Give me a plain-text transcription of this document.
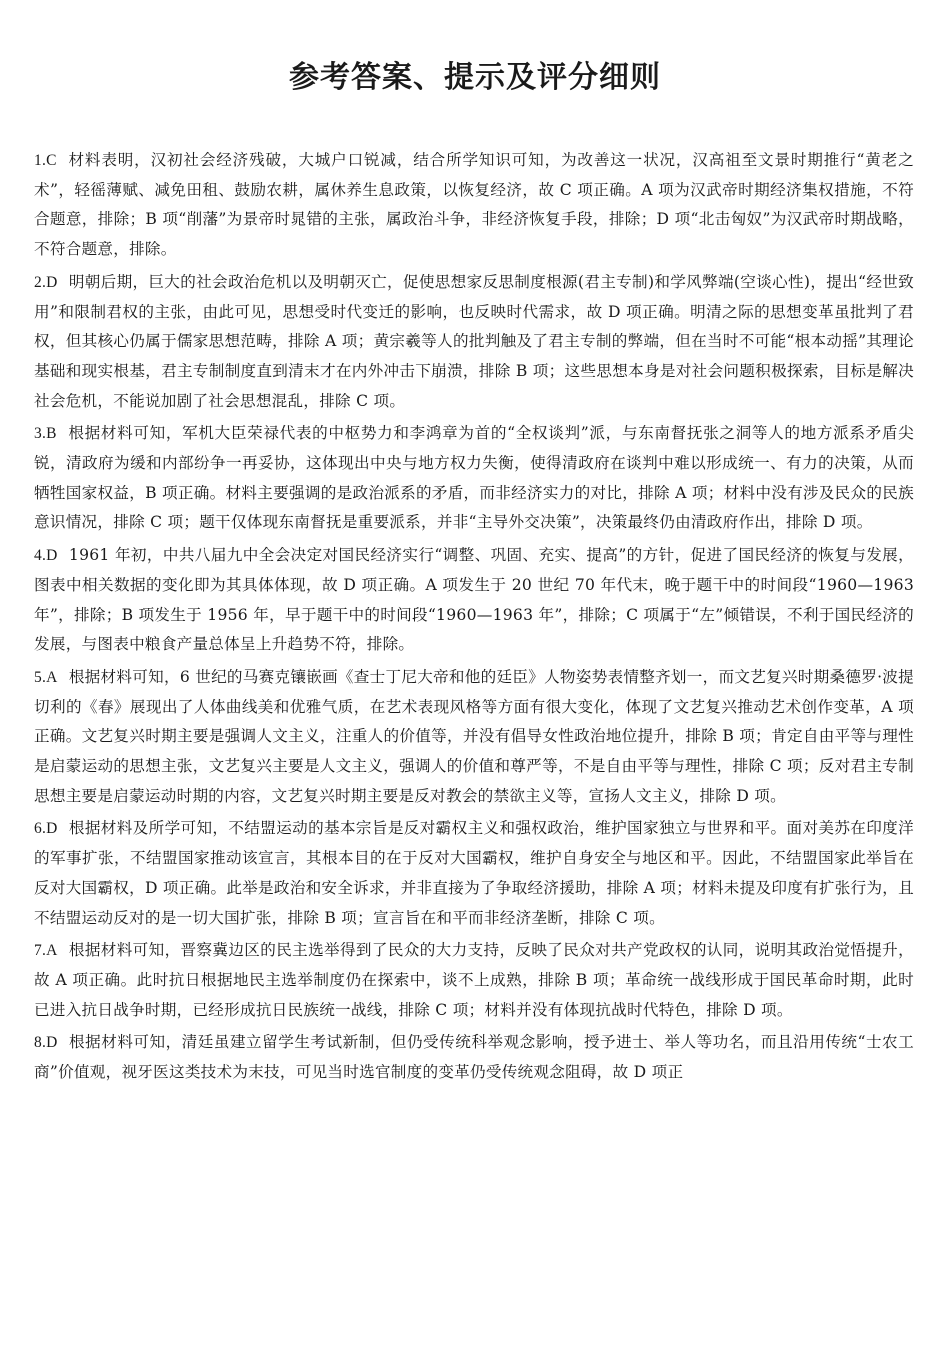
参考答案、提示及评分细则
1.C 材料表明，汉初社会经济残破，大城户口锐减，结合所学知识可知，为改善这一状况，汉高祖至文景时期推行“黄老之术”，轻徭薄赋、减免田租、鼓励农耕，属休养生息政策，以恢复经济，故 C 项正确。A 项为汉武帝时期经济集权措施，不符合题意，排除；B 项“削藩”为景帝时晁错的主张，属政治斗争，非经济恢复手段，排除；D 项“北击匈奴”为汉武帝时期战略，不符合题意，排除。
2.D 明朝后期，巨大的社会政治危机以及明朝灭亡，促使思想家反思制度根源(君主专制)和学风弊端(空谈心性)，提出“经世致用”和限制君权的主张，由此可见，思想受时代变迁的影响，也反映时代需求，故 D 项正确。明清之际的思想变革虽批判了君权，但其核心仍属于儒家思想范畴，排除 A 项；黄宗羲等人的批判触及了君主专制的弊端，但在当时不可能“根本动摇”其理论基础和现实根基，君主专制制度直到清末才在内外冲击下崩溃，排除 B 项；这些思想本身是对社会问题积极探索，目标是解决社会危机，不能说加剧了社会思想混乱，排除 C 项。
3.B 根据材料可知，军机大臣荣禄代表的中枢势力和李鸿章为首的“全权谈判”派，与东南督抚张之洞等人的地方派系矛盾尖锐，清政府为缓和内部纷争一再妥协，这体现出中央与地方权力失衡，使得清政府在谈判中难以形成统一、有力的决策，从而牺牲国家权益，B 项正确。材料主要强调的是政治派系的矛盾，而非经济实力的对比，排除 A 项；材料中没有涉及民众的民族意识情况，排除 C 项；题干仅体现东南督抚是重要派系，并非“主导外交决策”，决策最终仍由清政府作出，排除 D 项。
4.D 1961 年初，中共八届九中全会决定对国民经济实行“调整、巩固、充实、提高”的方针，促进了国民经济的恢复与发展，图表中相关数据的变化即为其具体体现，故 D 项正确。A 项发生于 20 世纪 70 年代末，晚于题干中的时间段“1960—1963 年”，排除；B 项发生于 1956 年，早于题干中的时间段“1960—1963 年”，排除；C 项属于“左”倾错误，不利于国民经济的发展，与图表中粮食产量总体呈上升趋势不符，排除。
5.A 根据材料可知，6 世纪的马赛克镶嵌画《查士丁尼大帝和他的廷臣》人物姿势表情整齐划一，而文艺复兴时期桑德罗·波提切利的《春》展现出了人体曲线美和优雅气质，在艺术表现风格等方面有很大变化，体现了文艺复兴推动艺术创作变革，A 项正确。文艺复兴时期主要是强调人文主义，注重人的价值等，并没有倡导女性政治地位提升，排除 B 项；肯定自由平等与理性是启蒙运动的思想主张，文艺复兴主要是人文主义，强调人的价值和尊严等，不是自由平等与理性，排除 C 项；反对君主专制思想主要是启蒙运动时期的内容，文艺复兴时期主要是反对教会的禁欲主义等，宣扬人文主义，排除 D 项。
6.D 根据材料及所学可知，不结盟运动的基本宗旨是反对霸权主义和强权政治，维护国家独立与世界和平。面对美苏在印度洋的军事扩张，不结盟国家推动该宣言，其根本目的在于反对大国霸权，维护自身安全与地区和平。因此，不结盟国家此举旨在反对大国霸权，D 项正确。此举是政治和安全诉求，并非直接为了争取经济援助，排除 A 项；材料未提及印度有扩张行为，且不结盟运动反对的是一切大国扩张，排除 B 项；宣言旨在和平而非经济垄断，排除 C 项。
7.A 根据材料可知，晋察冀边区的民主选举得到了民众的大力支持，反映了民众对共产党政权的认同，说明其政治觉悟提升，故 A 项正确。此时抗日根据地民主选举制度仍在探索中，谈不上成熟，排除 B 项；革命统一战线形成于国民革命时期，此时已进入抗日战争时期，已经形成抗日民族统一战线，排除 C 项；材料并没有体现抗战时代特色，排除 D 项。
8.D 根据材料可知，清廷虽建立留学生考试新制，但仍受传统科举观念影响，授予进士、举人等功名，而且沿用传统“士农工商”价值观，视牙医这类技术为末技，可见当时选官制度的变革仍受传统观念阻碍，故 D 项正
